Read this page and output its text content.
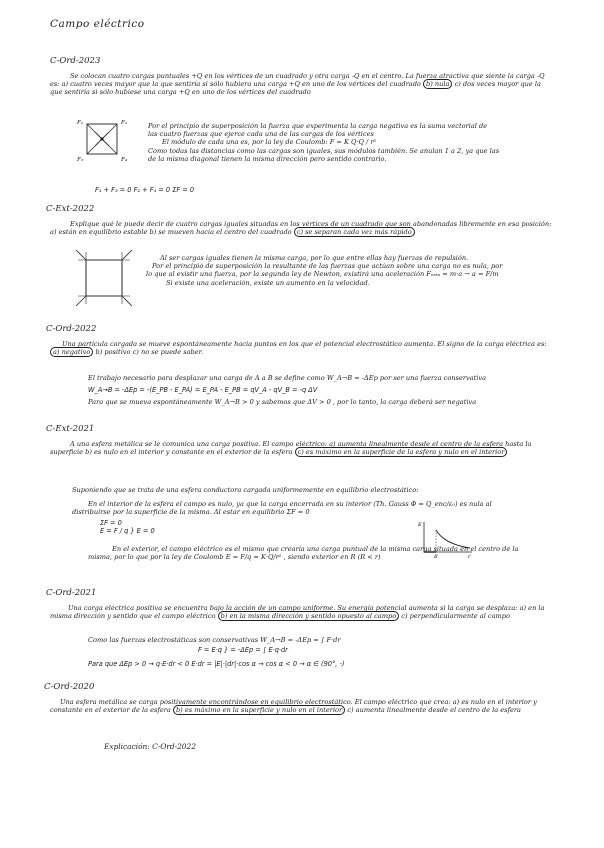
Campo eléctrico
C-Ord-2023
Se colocan cuatro cargas puntuales +Q en los vértices de un cuadrado y otra carga -Q en el centro. La fuerza atractiva que siente la carga -Q es: a) cuatro veces mayor que la que sentiría si sólo hubiera una carga +Q en uno de los vértices del cuadrado b) nula c) dos veces mayor que la que sentiría si sólo hubiese una carga +Q en uno de los vértices del cuadrado
F₁	F₂
F₃	F₄
Por el principio de superposición la fuerza que experimenta la carga negativa es la suma vectorial de
las cuatro fuerzas que ejerce cada una de las cargas de los vértices
El módulo de cada una es, por la ley de Coulomb: F = K Q·Q / r²
Como todas las distancias como las cargas son iguales, sus módulos también. Se anulan 1 a 2, ya que las
de la misma diagonal tienen la misma dirección pero sentido contrario.
F₁ + F₃ = 0 F₂ + F₄ = 0 ΣF = 0
C-Ext-2022
Explique qué le puede decir de cuatro cargas iguales situadas en los vértices de un cuadrado que son abandonadas libremente en esa posición: a) están en equilibrio estable b) se mueven hacia el centro del cuadrado c) se separan cada vez más rápido
Al ser cargas iguales tienen la misma carga, por lo que entre ellas hay fuerzas de repulsión.
Por el principio de superposición la resultante de las fuerzas que actúan sobre una carga no es nula, por
lo que al existir una fuerza, por la segunda ley de Newton, existirá una aceleración Fₙₑₜₐ = m·a → a = F/m
Si existe una aceleración, existe un aumento en la velocidad.
C-Ord-2022
Una partícula cargada se mueve espontáneamente hacia puntos en los que el potencial electrostático aumenta. El signo de la carga eléctrica es: a) negativo b) positivo c) no se puede saber.
El trabajo necesario para desplazar una carga de A a B se define como W_A→B = -ΔEp por ser una fuerza conservativa
W_A→B = -ΔEp = -(E_PB - E_PA) = E_PA - E_PB = qV_A - qV_B = -q ΔV
Para que se mueva espontáneamente W_A→B > 0 y sabemos que ΔV > 0 , por lo tanto, la carga deberá ser negativa
C-Ext-2021
A una esfera metálica se le comunica una carga positiva. El campo eléctrico: a) aumenta linealmente desde el centro de la esfera hasta la superficie b) es nulo en el interior y constante en el exterior de la esfera c) es máximo en la superficie de la esfera y nulo en el interior
Suponiendo que se trata de una esfera conductora cargada uniformemente en equilibrio electrostático:
En el interior de la esfera el campo es nulo, ya que la carga encerrada en su interior (Th. Gauss Φ = Q_enc/ε₀) es nula al
distribuirse por la superficie de la misma. Al estar en equilibrio ΣF = 0
ΣF = 0
E = F / q } E = 0
En el exterior, el campo eléctrico es el mismo que crearía una carga puntual de la misma carga situada en el centro de la
misma, por lo que por la ley de Coulomb E = F/q = K·Q/r² , siendo exterior en R (R < r)
E
R	r
C-Ord-2021
Una carga eléctrica positiva se encuentra bajo la acción de un campo uniforme. Su energía potencial aumenta si la carga se desplaza: a) en la misma dirección y sentido que el campo eléctrico b) en la misma dirección y sentido opuesto al campo c) perpendicularmente al campo
Como las fuerzas electrostáticas son conservativas W_A→B = -ΔEp = ∫ F·dr
F = E·q } = -ΔEp = ∫ E·q·dr
Para que ΔEp > 0 → q·E·dr < 0 E·dr = |E|·|dr|·cos α → cos α < 0 → α ∈ (90°, -)
C-Ord-2020
Una esfera metálica se carga positivamente encontrándose en equilibrio electrostático. El campo eléctrico que crea: a) es nulo en el interior y constante en el exterior de la esfera b) es máximo en la superficie y nulo en el interior c) aumenta linealmente desde el centro de la esfera
Explicación: C-Ord-2022
